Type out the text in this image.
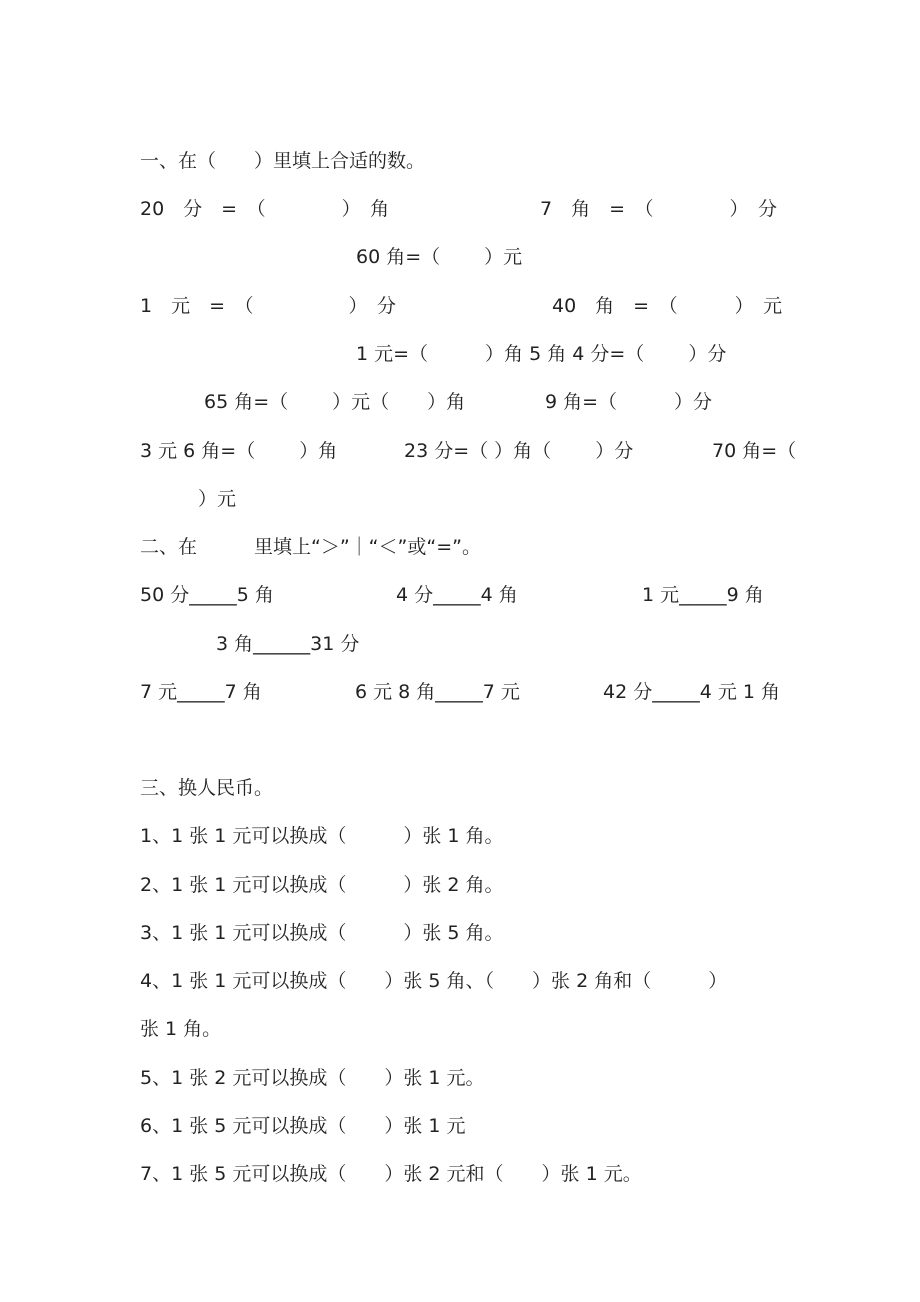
一、在（　　）里填上合适的数。
20　分　=　（　　　　）　角	7　角　=　（　　　　）　分
60 角=（　　 ）元
1　元　=　（　　　　　）　分	40　角　=　（　　　）　元
1 元=（　　　）角 5 角 4 分=（　　 ）分
65 角=（　　 ）元（　　）角	9 角=（　　　）分
3 元 6 角=（　　 ）角	23 分=（ ）角（　　 ）分	70 角=（
）元
二、在　　　里填上“＞”｜“＜”或“=”。
50 分_____5 角	4 分_____4 角	1 元_____9 角
3 角______31 分
7 元_____7 角	6 元 8 角_____7 元	42 分_____4 元 1 角
三、换人民币。
1、1 张 1 元可以换成（　　　）张 1 角。
2、1 张 1 元可以换成（　　　）张 2 角。
3、1 张 1 元可以换成（　　　）张 5 角。
4、1 张 1 元可以换成（　　）张 5 角、（　　）张 2 角和（　　　）
张 1 角。
5、1 张 2 元可以换成（　　）张 1 元。
6、1 张 5 元可以换成（　　）张 1 元
7、1 张 5 元可以换成（　　）张 2 元和（　　）张 1 元。
